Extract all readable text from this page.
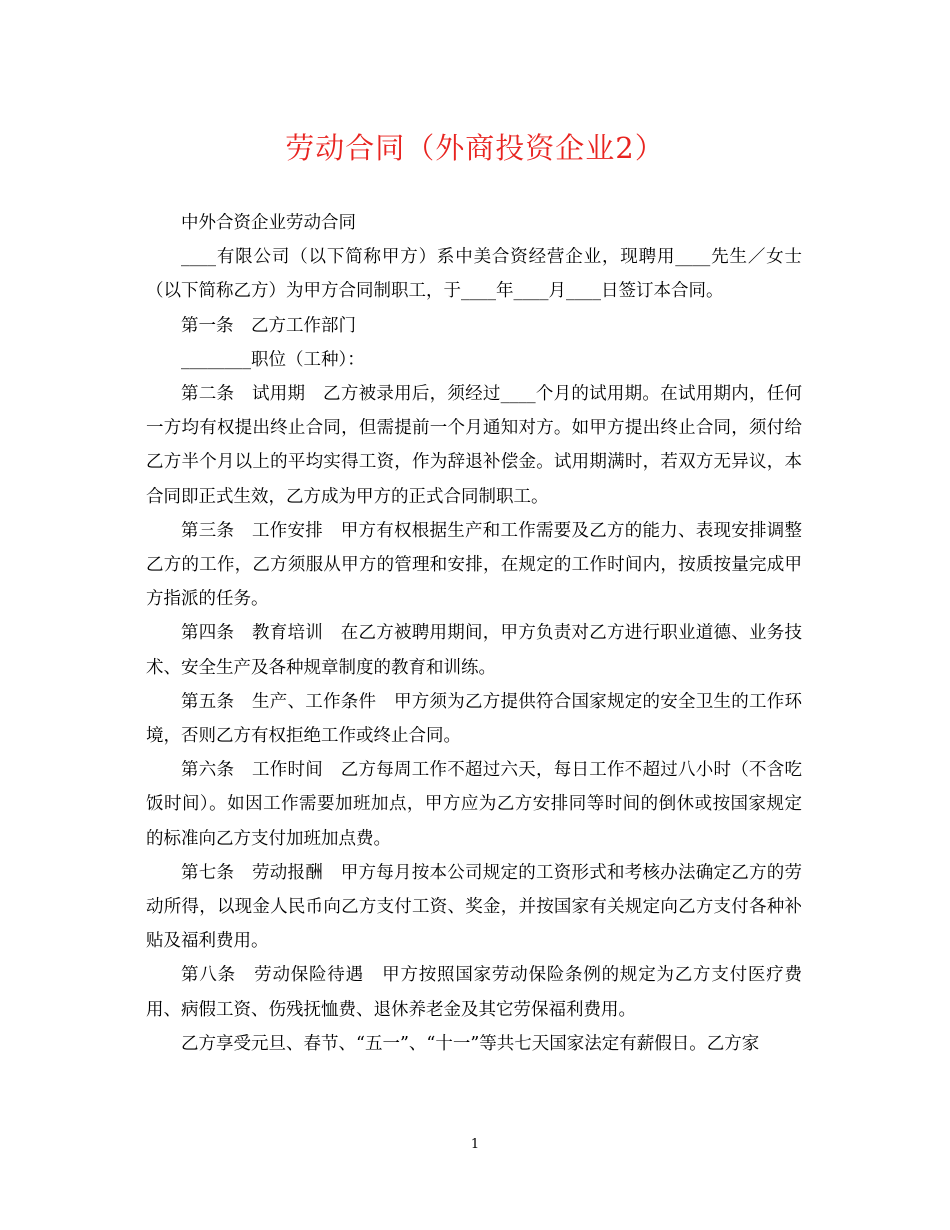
劳动合同（外商投资企业2）

中外合资企业劳动合同

____有限公司（以下简称甲方）系中美合资经营企业，现聘用____先生／女士（以下简称乙方）为甲方合同制职工，于____年____月____日签订本合同。

第一条　乙方工作部门

________职位（工种）：

第二条　试用期　乙方被录用后，须经过____个月的试用期。在试用期内，任何一方均有权提出终止合同，但需提前一个月通知对方。如甲方提出终止合同，须付给乙方半个月以上的平均实得工资，作为辞退补偿金。试用期满时，若双方无异议，本合同即正式生效，乙方成为甲方的正式合同制职工。

第三条　工作安排　甲方有权根据生产和工作需要及乙方的能力、表现安排调整乙方的工作，乙方须服从甲方的管理和安排，在规定的工作时间内，按质按量完成甲方指派的任务。

第四条　教育培训　在乙方被聘用期间，甲方负责对乙方进行职业道德、业务技术、安全生产及各种规章制度的教育和训练。

第五条　生产、工作条件　甲方须为乙方提供符合国家规定的安全卫生的工作环境，否则乙方有权拒绝工作或终止合同。

第六条　工作时间　乙方每周工作不超过六天，每日工作不超过八小时（不含吃饭时间）。如因工作需要加班加点，甲方应为乙方安排同等时间的倒休或按国家规定的标准向乙方支付加班加点费。

第七条　劳动报酬　甲方每月按本公司规定的工资形式和考核办法确定乙方的劳动所得，以现金人民币向乙方支付工资、奖金，并按国家有关规定向乙方支付各种补贴及福利费用。

第八条　劳动保险待遇　甲方按照国家劳动保险条例的规定为乙方支付医疗费用、病假工资、伤残抚恤费、退休养老金及其它劳保福利费用。

乙方享受元旦、春节、“五一”、“十一”等共七天国家法定有薪假日。乙方家

1
